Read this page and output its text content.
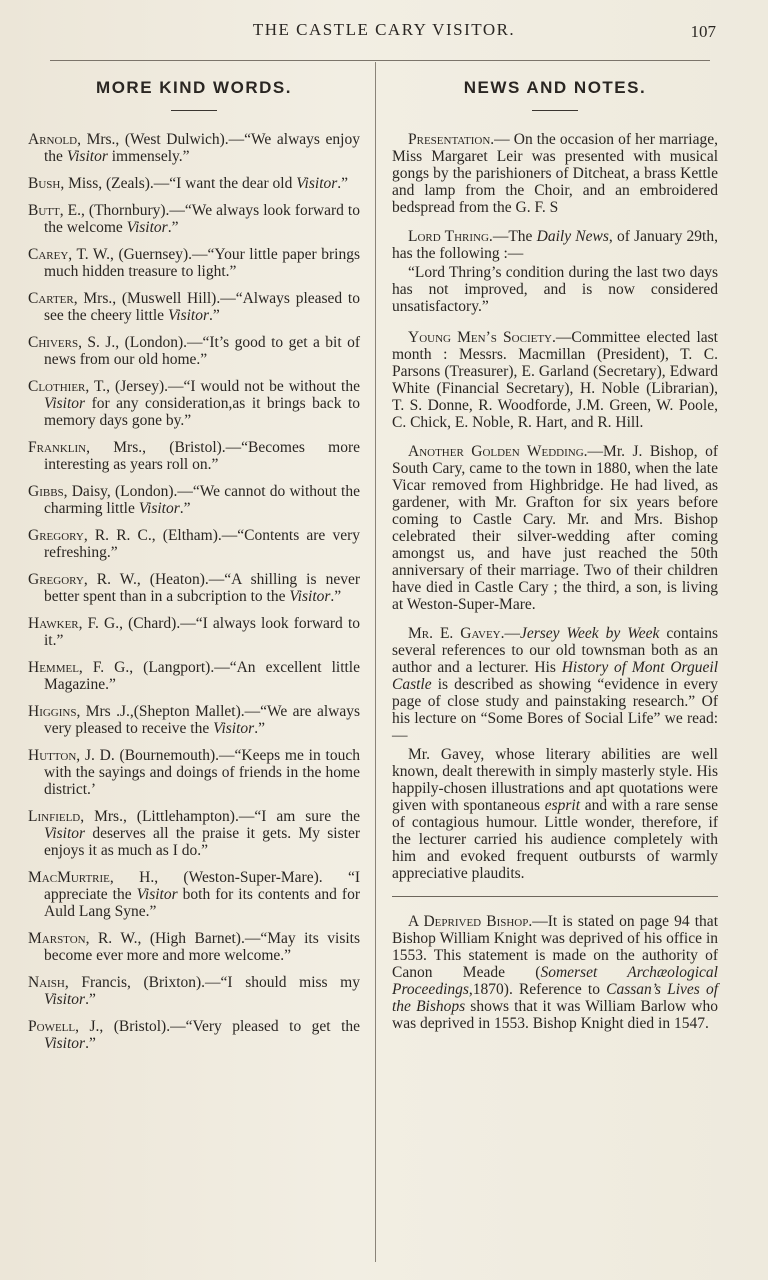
THE CASTLE CARY VISITOR.	107
MORE KIND WORDS.

Arnold, Mrs., (West Dulwich).—“We always enjoy the Visitor immensely.”

Bush, Miss, (Zeals).—“I want the dear old Visitor.”

Butt, E., (Thornbury).—“We always look forward to the welcome Visitor.”

Carey, T. W., (Guernsey).—“Your little paper brings much hidden treasure to light.”

Carter, Mrs., (Muswell Hill).—“Always pleased to see the cheery little Visitor.”

Chivers, S. J., (London).—“It’s good to get a bit of news from our old home.”

Clothier, T., (Jersey).—“I would not be without the Visitor for any consideration,as it brings back to memory days gone by.”

Franklin, Mrs., (Bristol).—“Becomes more interesting as years roll on.”

Gibbs, Daisy, (London).—“We cannot do without the charming little Visitor.”

Gregory, R. R. C., (Eltham).—“Contents are very refreshing.”

Gregory, R. W., (Heaton).—“A shilling is never better spent than in a subcription to the Visitor.”

Hawker, F. G., (Chard).—“I always look forward to it.”

Hemmel, F. G., (Langport).—“An excellent little Magazine.”

Higgins, Mrs .J.,(Shepton Mallet).—“We are always very pleased to receive the Visitor.”

Hutton, J. D. (Bournemouth).—“Keeps me in touch with the sayings and doings of friends in the home district.’

Linfield, Mrs., (Littlehampton).—“I am sure the Visitor deserves all the praise it gets. My sister enjoys it as much as I do.”

MacMurtrie, H., (Weston-Super-Mare). “I appreciate the Visitor both for its contents and for Auld Lang Syne.”

Marston, R. W., (High Barnet).—“May its visits become ever more and more welcome.”

Naish, Francis, (Brixton).—“I should miss my Visitor.”

Powell, J., (Bristol).—“Very pleased to get the Visitor.”

NEWS AND NOTES.

Presentation.— On the occasion of her marriage, Miss Margaret Leir was presented with musical gongs by the parishioners of Ditcheat, a brass Kettle and lamp from the Choir, and an embroidered bedspread from the G. F. S

Lord Thring.—The Daily News, of January 29th, has the following :—

“Lord Thring’s condition during the last two days has not improved, and is now considered unsatisfactory.”

Young Men’s Society.—Committee elected last month : Messrs. Macmillan (President), T. C. Parsons (Treasurer), E. Garland (Secretary), Edward White (Financial Secretary), H. Noble (Librarian), T. S. Donne, R. Woodforde, J.M. Green, W. Poole, C. Chick, E. Noble, R. Hart, and R. Hill.

Another Golden Wedding.—Mr. J. Bishop, of South Cary, came to the town in 1880, when the late Vicar removed from Highbridge. He had lived, as gardener, with Mr. Grafton for six years before coming to Castle Cary. Mr. and Mrs. Bishop celebrated their silver-wedding after coming amongst us, and have just reached the 50th anniversary of their marriage. Two of their children have died in Castle Cary ; the third, a son, is living at Weston-Super-Mare.

Mr. E. Gavey.—Jersey Week by Week contains several references to our old townsman both as an author and a lecturer. His History of Mont Orgueil Castle is described as showing “evidence in every page of close study and painstaking research.” Of his lecture on “Some Bores of Social Life” we read:—

Mr. Gavey, whose literary abilities are well known, dealt therewith in simply masterly style. His happily-chosen illustrations and apt quotations were given with spontaneous esprit and with a rare sense of contagious humour. Little wonder, therefore, if the lecturer carried his audience completely with him and evoked frequent outbursts of warmly appreciative plaudits.

A Deprived Bishop.—It is stated on page 94 that Bishop William Knight was deprived of his office in 1553. This statement is made on the authority of Canon Meade (Somerset Archæological Proceedings,1870). Reference to Cassan’s Lives of the Bishops shows that it was William Barlow who was deprived in 1553. Bishop Knight died in 1547.
